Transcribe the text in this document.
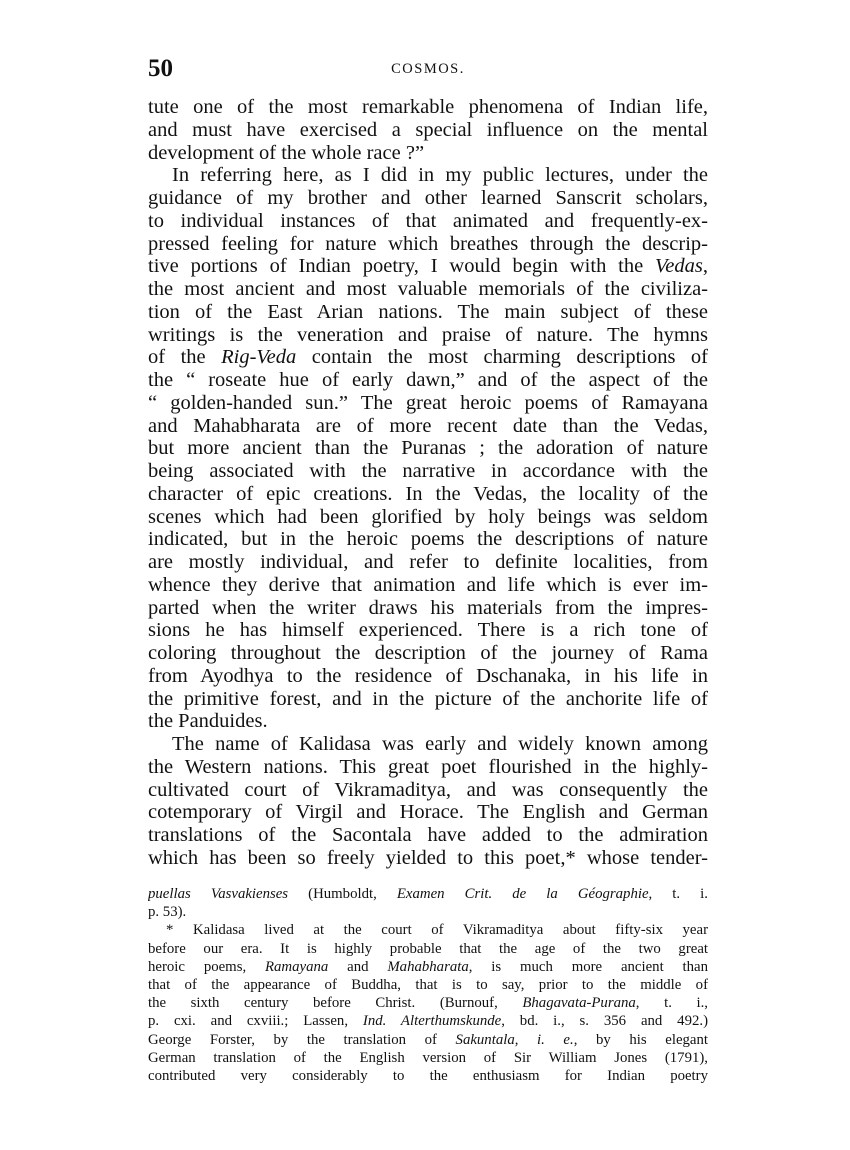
50	COSMOS.
tute one of the most remarkable phenomena of Indian life,
and must have exercised a special influence on the mental
development of the whole race ?”
In referring here, as I did in my public lectures, under the
guidance of my brother and other learned Sanscrit scholars,
to individual instances of that animated and frequently-ex-
pressed feeling for nature which breathes through the descrip-
tive portions of Indian poetry, I would begin with the Vedas,
the most ancient and most valuable memorials of the civiliza-
tion of the East Arian nations. The main subject of these
writings is the veneration and praise of nature. The hymns
of the Rig-Veda contain the most charming descriptions of
the “ roseate hue of early dawn,” and of the aspect of the
“ golden-handed sun.” The great heroic poems of Ramayana
and Mahabharata are of more recent date than the Vedas,
but more ancient than the Puranas ; the adoration of nature
being associated with the narrative in accordance with the
character of epic creations. In the Vedas, the locality of the
scenes which had been glorified by holy beings was seldom
indicated, but in the heroic poems the descriptions of nature
are mostly individual, and refer to definite localities, from
whence they derive that animation and life which is ever im-
parted when the writer draws his materials from the impres-
sions he has himself experienced. There is a rich tone of
coloring throughout the description of the journey of Rama
from Ayodhya to the residence of Dschanaka, in his life in
the primitive forest, and in the picture of the anchorite life of
the Panduides.
The name of Kalidasa was early and widely known among
the Western nations. This great poet flourished in the highly-
cultivated court of Vikramaditya, and was consequently the
cotemporary of Virgil and Horace. The English and German
translations of the Sacontala have added to the admiration
which has been so freely yielded to this poet,* whose tender-
puellas Vasvakienses (Humboldt, Examen Crit. de la Géographie, t. i.
p. 53).
* Kalidasa lived at the court of Vikramaditya about fifty-six year
before our era. It is highly probable that the age of the two great
heroic poems, Ramayana and Mahabharata, is much more ancient than
that of the appearance of Buddha, that is to say, prior to the middle of
the sixth century before Christ. (Burnouf, Bhagavata-Purana, t. i.,
p. cxi. and cxviii.; Lassen, Ind. Alterthumskunde, bd. i., s. 356 and 492.)
George Forster, by the translation of Sakuntala, i. e., by his elegant
German translation of the English version of Sir William Jones (1791),
contributed very considerably to the enthusiasm for Indian poetry
